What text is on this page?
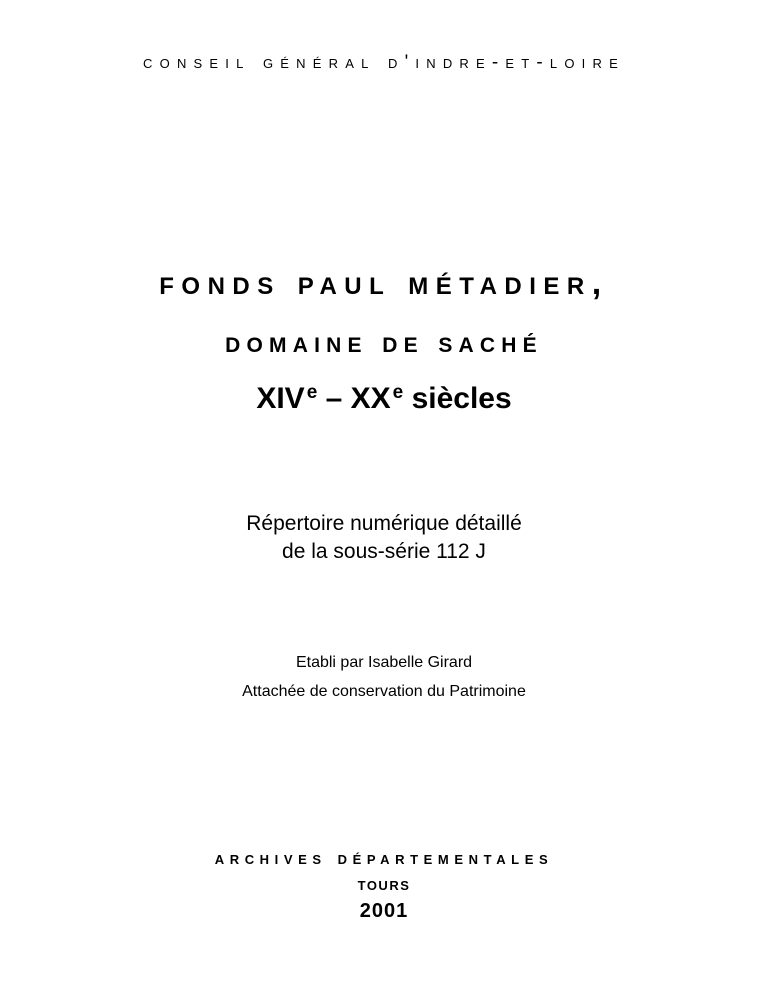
conseil général d'indre-et-loire
fonds paul métadier,
domaine de saché
XIV $^e$ – XX $^e$ siècles
Répertoire numérique détaillé
de la sous-série 112 J
Etabli par Isabelle Girard
Attachée de conservation du Patrimoine
archives départementales
tours
2001
